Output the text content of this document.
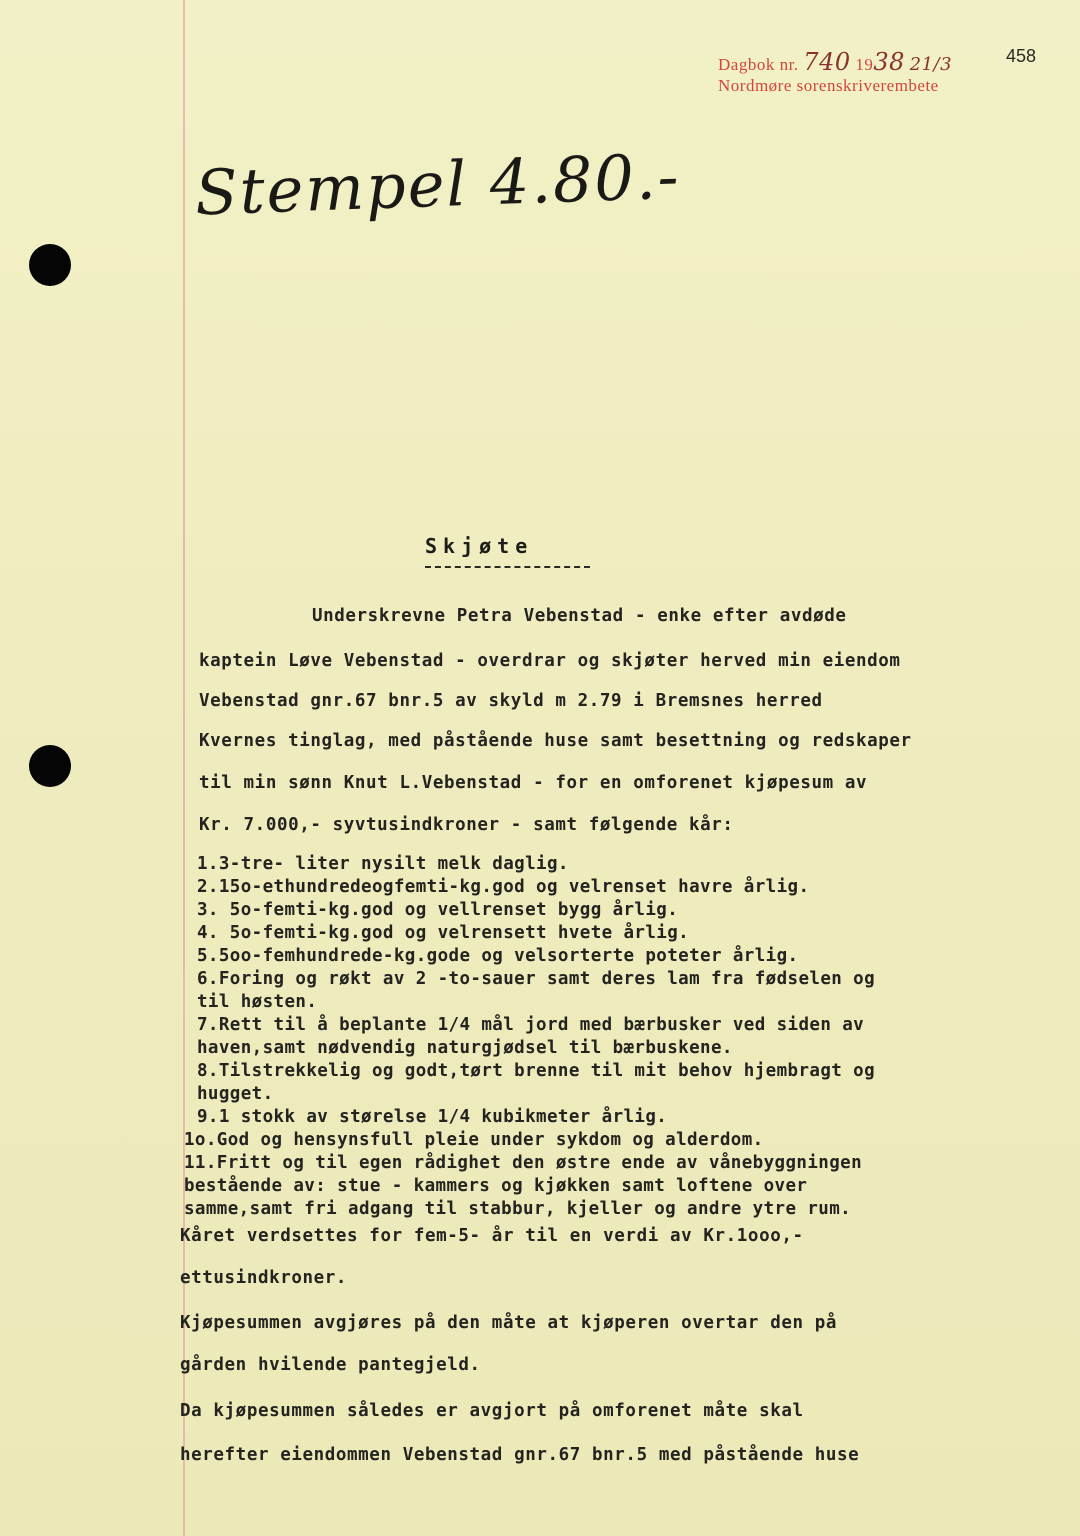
Dagbok nr. 740 1938 21/3
Nordmøre sorenskriverembete
458
Stempel 4.80.-
Skjøte
Underskrevne Petra Vebenstad - enke efter avdøde
kaptein Løve Vebenstad - overdrar og skjøter herved min eiendom
Vebenstad gnr.67 bnr.5 av skyld m 2.79 i Bremsnes herred
Kvernes tinglag, med påstående huse samt besettning og redskaper
til min sønn Knut L.Vebenstad - for en omforenet kjøpesum av
Kr. 7.000,- syvtusindkroner - samt følgende kår:
1.3-tre- liter nysilt melk daglig.
2.15o-ethundredeogfemti-kg.god og velrenset havre årlig.
3. 5o-femti-kg.god og vellrenset bygg årlig.
4. 5o-femti-kg.god og velrensett hvete årlig.
5.5oo-femhundrede-kg.gode og velsorterte poteter årlig.
6.Foring og røkt av 2 -to-sauer samt deres lam fra fødselen og
til høsten.
7.Rett til å beplante 1/4 mål jord med bærbusker ved siden av
haven,samt nødvendig naturgjødsel til bærbuskene.
8.Tilstrekkelig og godt,tørt brenne til mit behov hjembragt og
hugget.
9.1 stokk av størelse 1/4 kubikmeter årlig.
1o.God og hensynsfull pleie under sykdom og alderdom.
11.Fritt og til egen rådighet den østre ende av vånebyggningen
bestående av: stue - kammers og kjøkken samt loftene over
samme,samt fri adgang til stabbur, kjeller og andre ytre rum.
Kåret verdsettes for fem-5- år til en verdi av Kr.1ooo,-
ettusindkroner.
Kjøpesummen avgjøres på den måte at kjøperen overtar den på
gården hvilende pantegjeld.
Da kjøpesummen således er avgjort på omforenet måte skal
herefter eiendommen Vebenstad gnr.67 bnr.5 med påstående huse
